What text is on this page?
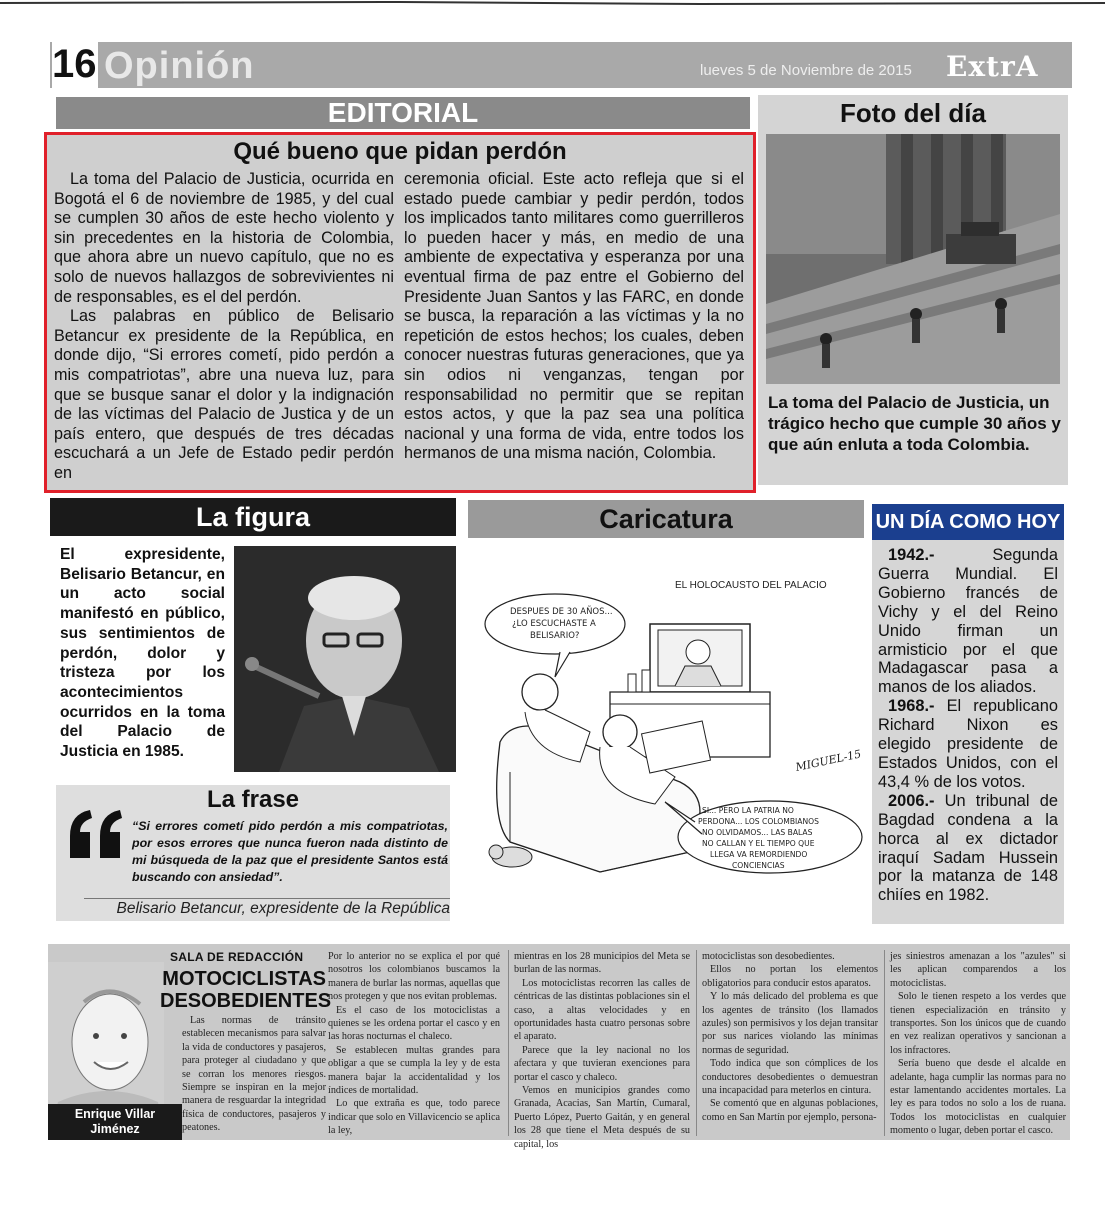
16 Opinión	lueves 5 de Noviembre de 2015 ExtrA
EDITORIAL
Qué bueno que pidan perdón

La toma del Palacio de Justicia, ocurrida en Bogotá el 6 de noviembre de 1985, y del cual se cumplen 30 años de este hecho violento y sin precedentes en la historia de Colombia, que ahora abre un nuevo capítulo, que no es solo de nuevos hallazgos de sobrevivientes ni de responsables, es el del perdón.

Las palabras en público de Belisario Betancur ex presidente de la República, en donde dijo, “Si errores cometí, pido perdón a mis compatriotas”, abre una nueva luz, para que se busque sanar el dolor y la indignación de las víctimas del Palacio de Justica y de un país entero, que después de tres décadas escuchará a un Jefe de Estado pedir perdón en

ceremonia oficial. Este acto refleja que si el estado puede cambiar y pedir perdón, todos los implicados tanto militares como guerrilleros lo pueden hacer y más, en medio de una ambiente de expectativa y esperanza por una eventual firma de paz entre el Gobierno del Presidente Juan Santos y las FARC, en donde se busca, la reparación a las víctimas y la no repetición de estos hechos; los cuales, deben conocer nuestras futuras generaciones, que ya sin odios ni venganzas, tengan por responsabilidad no permitir que se repitan estos actos, y que la paz sea una política nacional y una forma de vida, entre todos los hermanos de una misma nación, Colombia.

Foto del día
La toma del Palacio de Justicia, un trágico hecho que cumple 30 años y que aún enluta a toda Colombia.
La figura
El expresidente, Belisario Betancur, en un acto social manifestó en público, sus sentimientos de perdón, dolor y tristeza por los acontecimientos ocurridos en la toma del Palacio de Justicia en 1985.
La frase
“Si errores cometí pido perdón a mis compatriotas, por esos errores que nunca fueron nada distinto de mi búsqueda de la paz que el presidente Santos está buscando con ansiedad”.
Belisario Betancur, expresidente de la República
Caricatura
EL HOLOCAUSTO DEL PALACIO
DESPUES DE 30 AÑOS... ¿LO ESCUCHASTE A BELISARIO?
SI... PERO LA PATRIA NO PERDONA... LOS COLOMBIANOS NO OLVIDAMOS... LAS BALAS NO CALLAN Y EL TIEMPO QUE LLEGA VA REMORDIENDO CONCIENCIAS
MIGUEL-15
UN DÍA COMO HOY

1942.-	Segunda Guerra Mundial. El Gobierno francés de Vichy y el del Reino Unido firman un armisticio por el que Madagascar pasa a manos de los aliados.

1968.- El republicano Richard Nixon es elegido presidente de Estados Unidos, con el 43,4 % de los votos.

2006.- Un tribunal de Bagdad condena a la horca al ex dictador iraquí Sadam Hussein por la matanza de 148 chiíes en 1982.

Enrique Villar
Jiménez
SALA DE REDACCIÓN
MOTOCICLISTAS
DESOBEDIENTES

Las normas de tránsito establecen mecanismos para salvar la vida de conductores y pasajeros, para proteger al ciudadano y que se corran los menores riesgos. Siempre se inspiran en la mejor manera de resguardar la integridad física de conductores, pasajeros y peatones.

Por lo anterior no se explica el por qué nosotros los colombianos buscamos la manera de burlar las normas, aquellas que nos protegen y que nos evitan problemas.

Es el caso de los motociclistas a quienes se les ordena portar el casco y en las horas nocturnas el chaleco.

Se establecen multas grandes para obligar a que se cumpla la ley y de esta manera bajar la accidentalidad y los índices de mortalidad.

Lo que extraña es que, todo parece indicar que solo en Villavicencio se aplica la ley,

mientras en los 28 municipios del Meta se burlan de las normas.

Los motociclistas recorren las calles de céntricas de las distintas poblaciones sin el caso, a altas velocidades y en oportunidades hasta cuatro personas sobre el aparato.

Parece que la ley nacional no los afectara y que tuvieran exenciones para portar el casco y chaleco.

Vemos en municipios grandes como Granada, Acacias, San Martín, Cumaral, Puerto López, Puerto Gaitán, y en general los 28 que tiene el Meta después de su capital, los

motociclistas son desobedientes.

Ellos no portan los elementos obligatorios para conducir estos aparatos.

Y lo más delicado del problema es que los agentes de tránsito (los llamados azules) son permisivos y los dejan transitar por sus narices violando las mínimas normas de seguridad.

Todo indica que son cómplices de los conductores desobedientes o demuestran una incapacidad para meterlos en cintura.

Se comentó que en algunas poblaciones, como en San Martín por ejemplo, persona-

jes siniestros amenazan a los "azules" si les aplican comparendos a los motociclistas.

Solo le tienen respeto a los verdes que tienen especialización en tránsito y transportes. Son los únicos que de cuando en vez realizan operativos y sancionan a los infractores.

Sería bueno que desde el alcalde en adelante, haga cumplir las normas para no estar lamentando accidentes mortales. La ley es para todos no solo a los de ruana. Todos los motociclistas en cualquier momento o lugar, deben portar el casco.
